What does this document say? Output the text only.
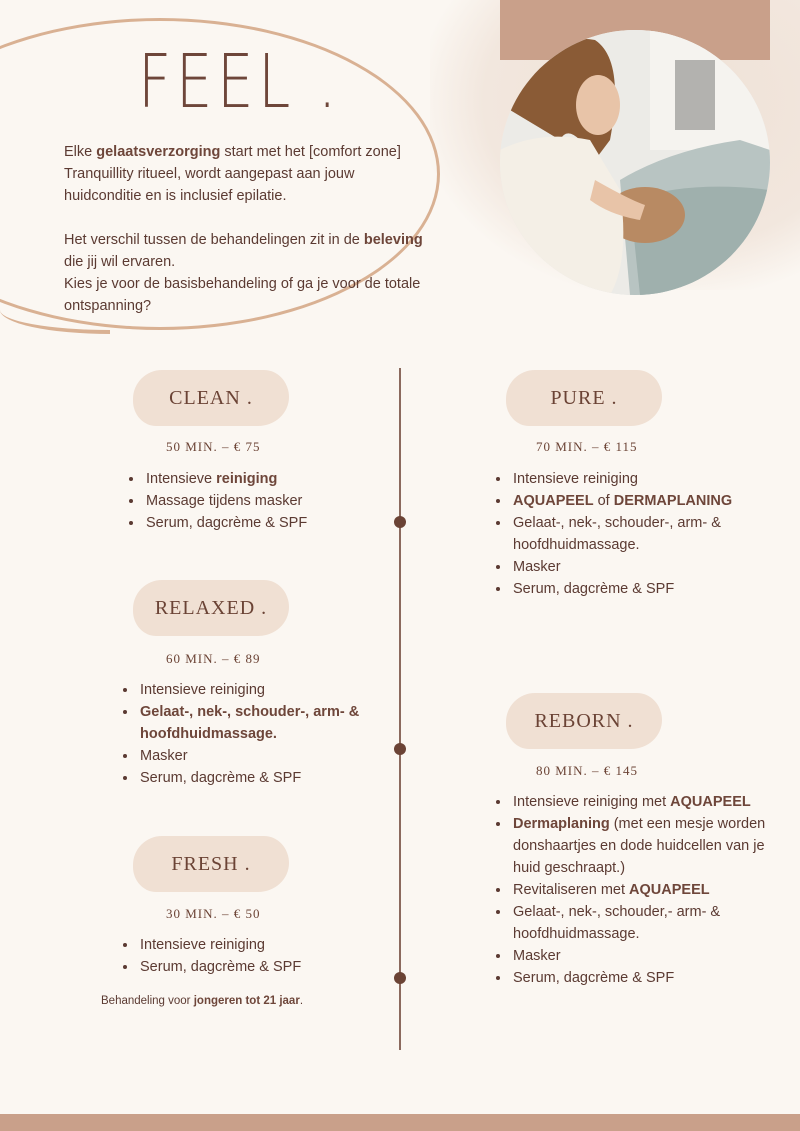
FEEL .

Elke gelaatsverzorging start met het [comfort zone] Tranquillity ritueel, wordt aangepast aan jouw huidconditie en is inclusief epilatie.

Het verschil tussen de behandelingen zit in de beleving die jij wil ervaren.

Kies je voor de basisbehandeling of ga je voor de totale ontspanning?

CLEAN .
50 MIN. – € 75
• Intensieve reiniging
• Massage tijdens masker
• Serum, dagcrème & SPF
RELAXED .
60 MIN. – € 89
• Intensieve reiniging
• Gelaat-, nek-, schouder-, arm- & hoofdhuidmassage.
• Masker
• Serum, dagcrème & SPF
FRESH .
30 MIN. – € 50
• Intensieve reiniging
• Serum, dagcrème & SPF
Behandeling voor jongeren tot 21 jaar.
PURE .
70 MIN. – € 115
• Intensieve reiniging
• AQUAPEEL of DERMAPLANING
• Gelaat-, nek-, schouder-, arm- & hoofdhuidmassage.
• Masker
• Serum, dagcrème & SPF
REBORN .
80 MIN. – € 145
• Intensieve reiniging met AQUAPEEL
• Dermaplaning (met een mesje worden donshaartjes en dode huidcellen van je huid geschraapt.)
• Revitaliseren met AQUAPEEL
• Gelaat-, nek-, schouder,- arm- & hoofdhuidmassage.
• Masker
• Serum, dagcrème & SPF
